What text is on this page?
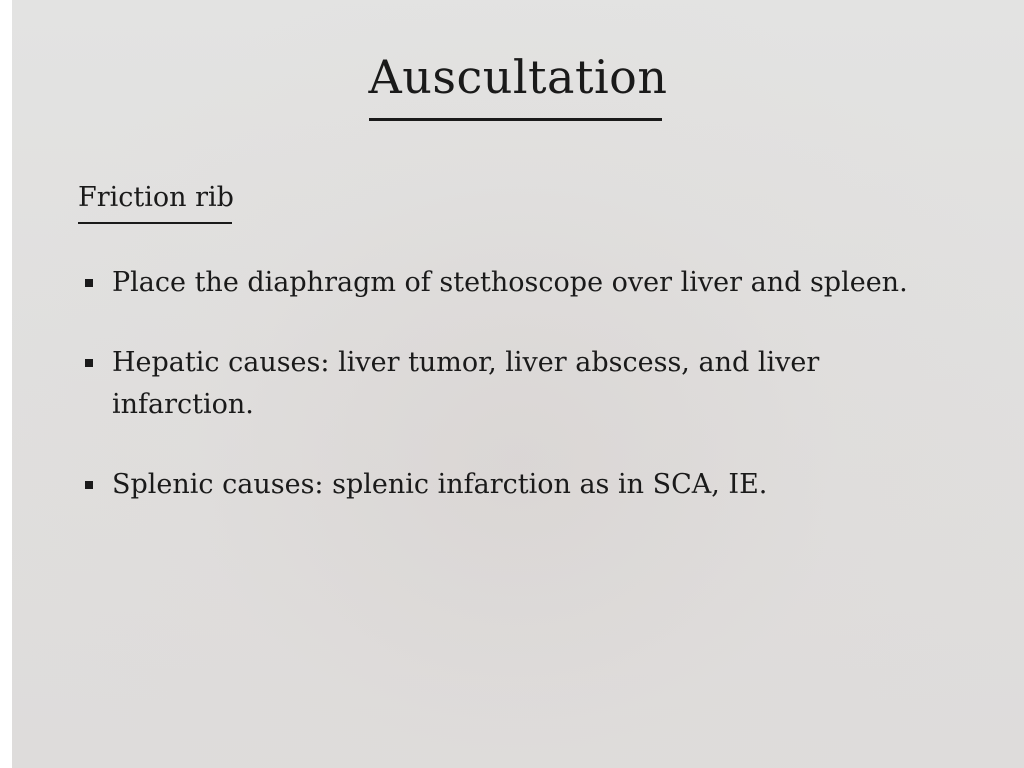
Auscultation
Friction rib
Place the diaphragm of stethoscope over liver and spleen.
Hepatic causes: liver tumor, liver abscess, and liver infarction.
Splenic causes: splenic infarction as in SCA, IE.
